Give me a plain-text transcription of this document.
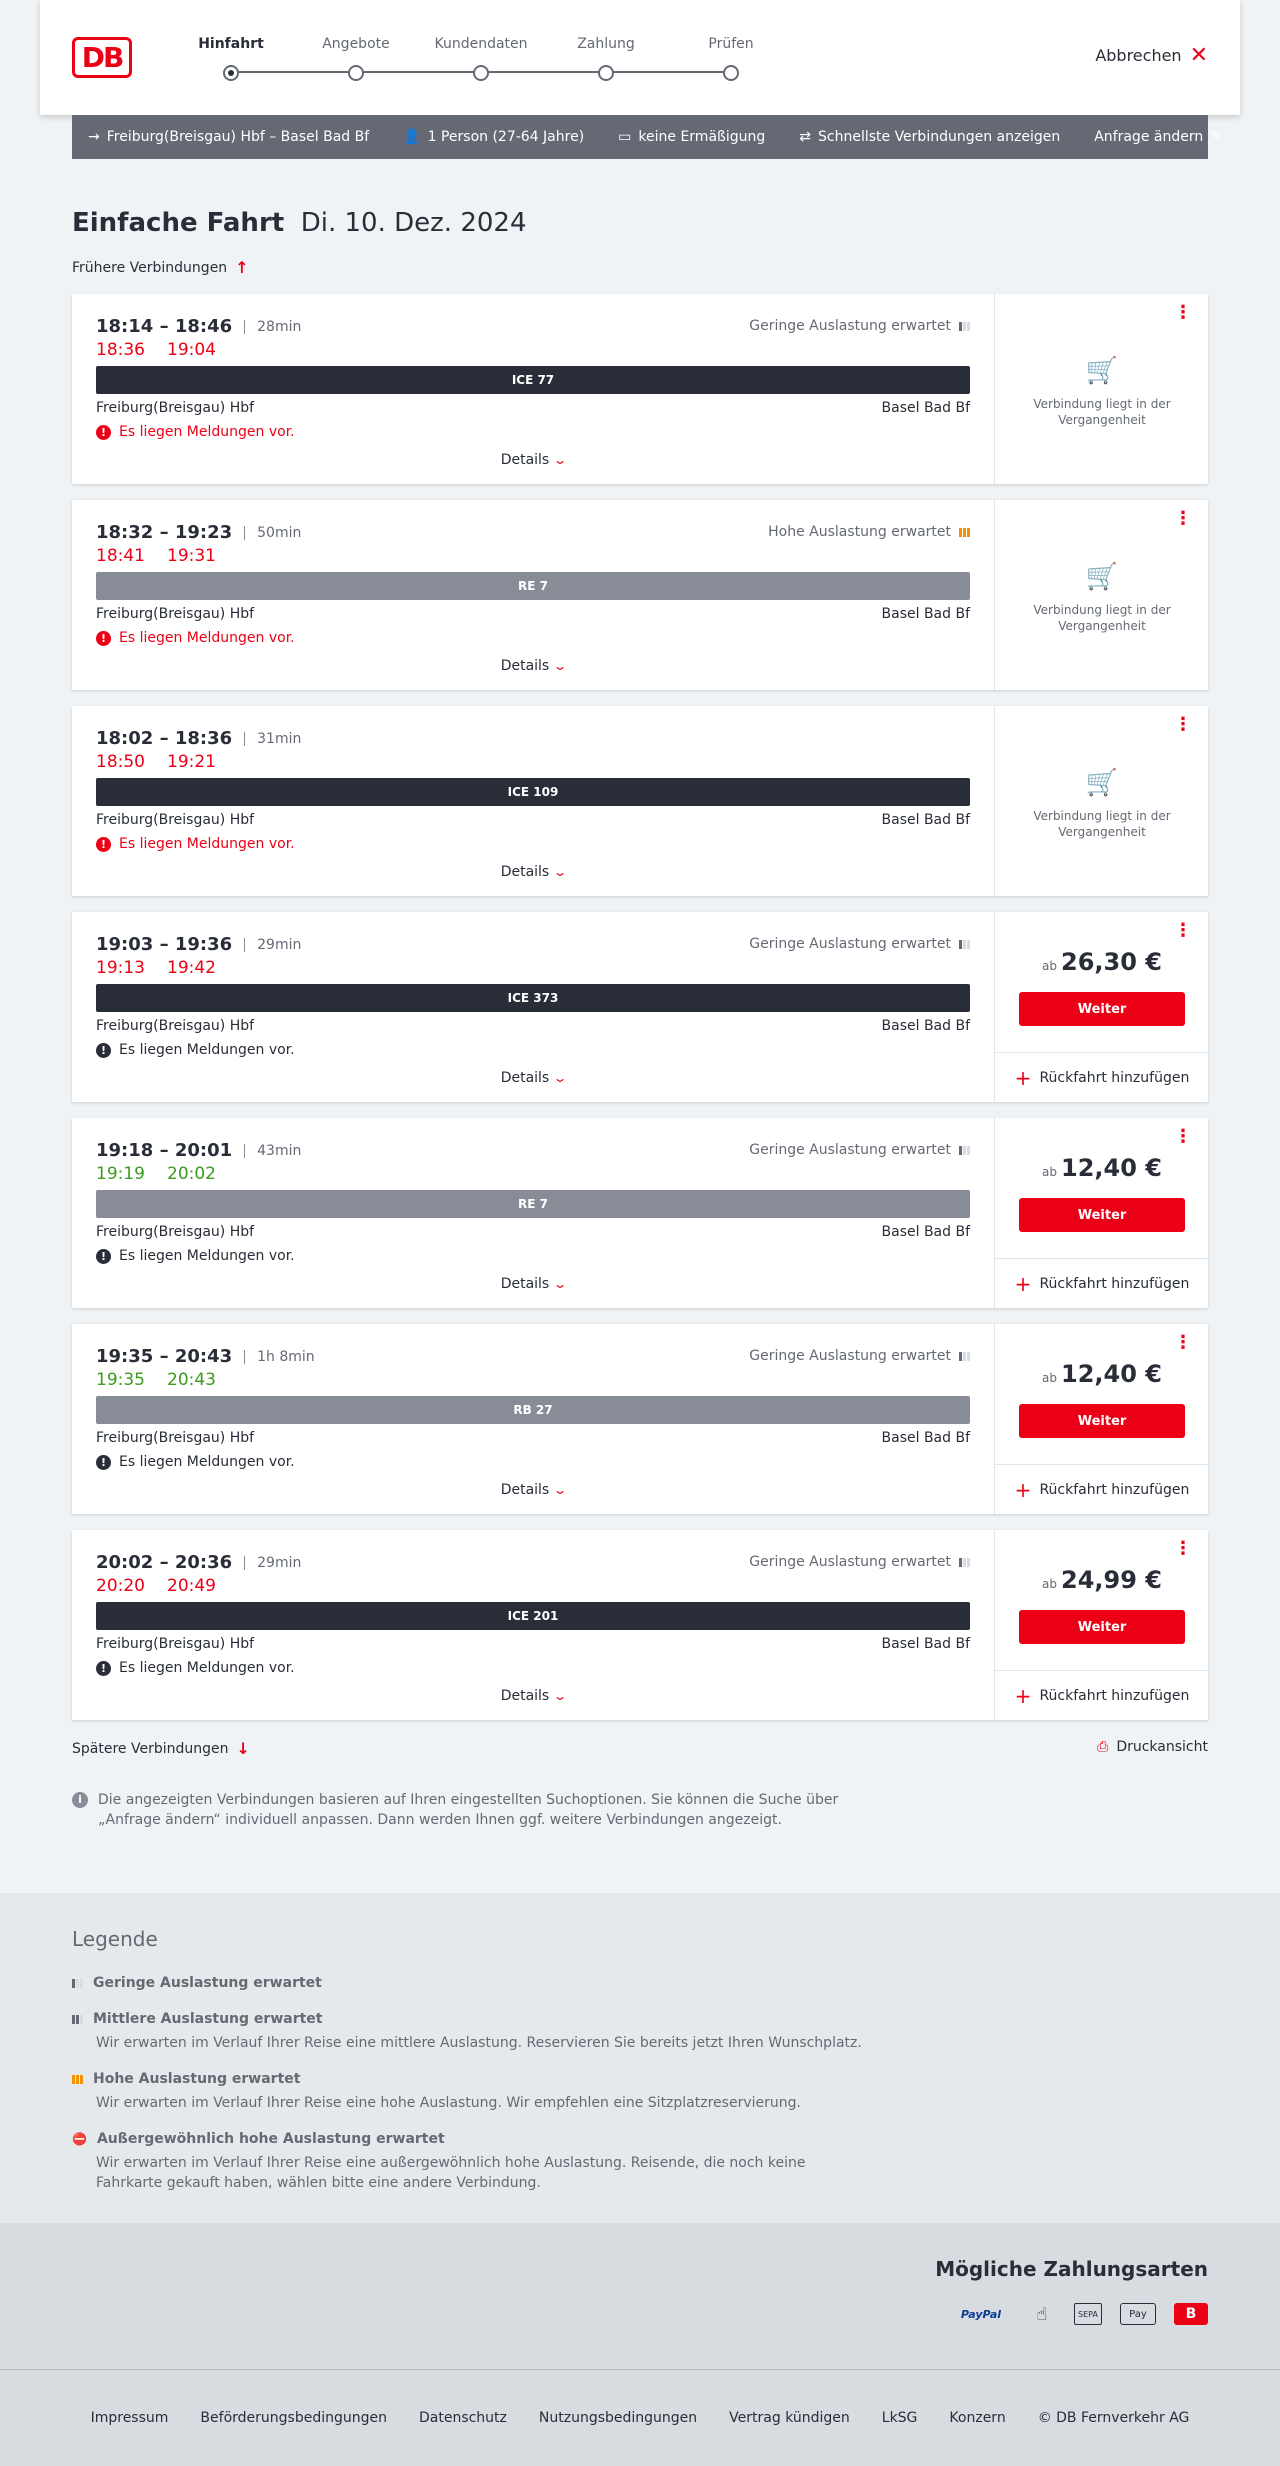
DB	Hinfahrt	Angebote	Kundendaten	Zahlung	Prüfen
Abbrechen ✕
→ Freiburg(Breisgau) Hbf – Basel Bad Bf 👤 1 Person (27-64 Jahre) ▭ keine Ermäßigung ⇄ Schnellste Verbindungen anzeigen Anfrage ändern ✎
Einfache Fahrt Di. 10. Dez. 2024
Frühere Verbindungen ↑
18:14 – 18:46 28min
18:36 19:04
Geringe Auslastung erwartet
ICE 77
Freiburg(Breisgau) Hbf	Basel Bad Bf
! Es liegen Meldungen vor.
Details ⌄
⋮
🛒
Verbindung liegt in der Vergangenheit
18:32 – 19:23 50min
18:41 19:31
Hohe Auslastung erwartet
RE 7
Freiburg(Breisgau) Hbf	Basel Bad Bf
! Es liegen Meldungen vor.
Details ⌄
⋮
🛒
Verbindung liegt in der Vergangenheit
18:02 – 18:36 31min
18:50 19:21
ICE 109
Freiburg(Breisgau) Hbf	Basel Bad Bf
! Es liegen Meldungen vor.
Details ⌄
⋮
🛒
Verbindung liegt in der Vergangenheit
19:03 – 19:36 29min
19:13 19:42
Geringe Auslastung erwartet
ICE 373
Freiburg(Breisgau) Hbf	Basel Bad Bf
! Es liegen Meldungen vor.
Details ⌄
⋮
ab 26,30 €
Weiter
+ Rückfahrt hinzufügen
19:18 – 20:01 43min
19:19 20:02
Geringe Auslastung erwartet
RE 7
Freiburg(Breisgau) Hbf	Basel Bad Bf
! Es liegen Meldungen vor.
Details ⌄
⋮
ab 12,40 €
Weiter
+ Rückfahrt hinzufügen
19:35 – 20:43 1h 8min
19:35 20:43
Geringe Auslastung erwartet
RB 27
Freiburg(Breisgau) Hbf	Basel Bad Bf
! Es liegen Meldungen vor.
Details ⌄
⋮
ab 12,40 €
Weiter
+ Rückfahrt hinzufügen
20:02 – 20:36 29min
20:20 20:49
Geringe Auslastung erwartet
ICE 201
Freiburg(Breisgau) Hbf	Basel Bad Bf
! Es liegen Meldungen vor.
Details ⌄
⋮
ab 24,99 €
Weiter
+ Rückfahrt hinzufügen
Spätere Verbindungen ↓	⎙ Druckansicht
i	Die angezeigten Verbindungen basieren auf Ihren eingestellten Suchoptionen. Sie können die Suche über „Anfrage ändern“ individuell anpassen. Dann werden Ihnen ggf. weitere Verbindungen angezeigt.
Legende
Geringe Auslastung erwartet
Mittlere Auslastung erwartet
Wir erwarten im Verlauf Ihrer Reise eine mittlere Auslastung. Reservieren Sie bereits jetzt Ihren Wunschplatz.
Hohe Auslastung erwartet
Wir erwarten im Verlauf Ihrer Reise eine hohe Auslastung. Wir empfehlen eine Sitzplatzreservierung.
⛔ Außergewöhnlich hohe Auslastung erwartet
Wir erwarten im Verlauf Ihrer Reise eine außergewöhnlich hohe Auslastung. Reisende, die noch keine Fahrkarte gekauft haben, wählen bitte eine andere Verbindung.
Mögliche Zahlungsarten
PayPal	☝	SEPA	Pay	B
Impressum Beförderungsbedingungen Datenschutz Nutzungsbedingungen Vertrag kündigen LkSG Konzern © DB Fernverkehr AG
